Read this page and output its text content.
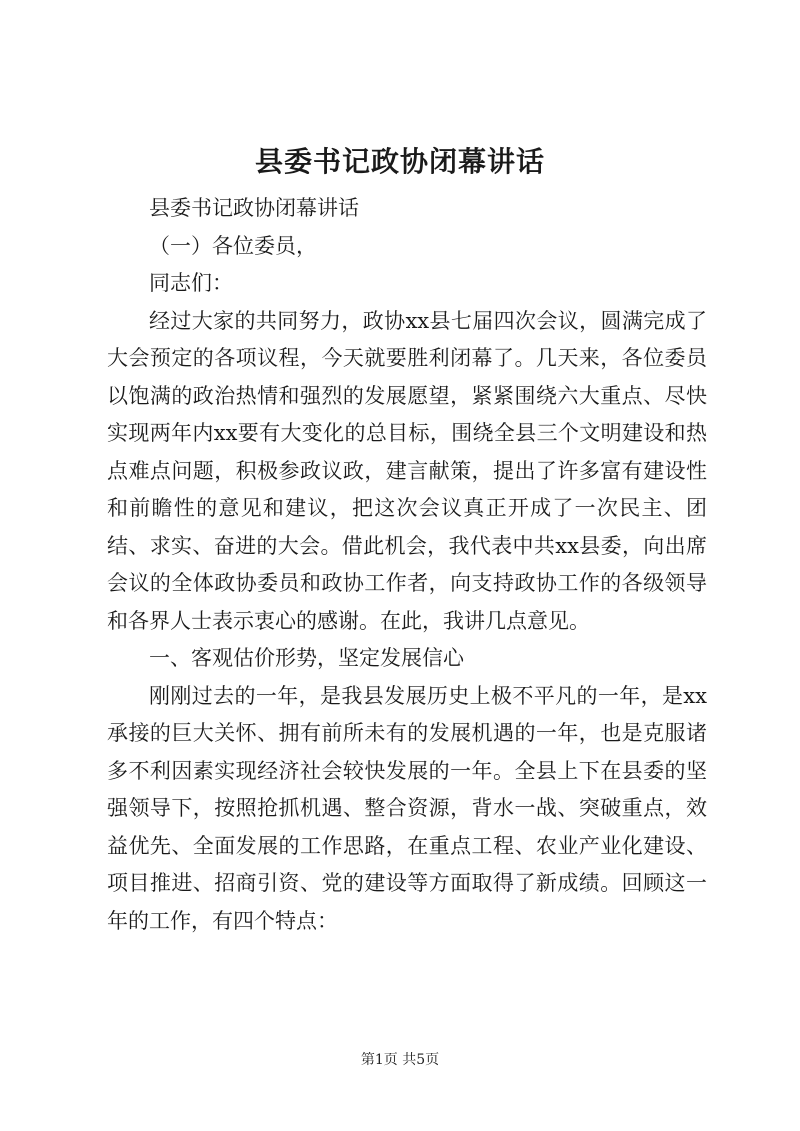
县委书记政协闭幕讲话

县委书记政协闭幕讲话

（一）各位委员，

同志们：

经过大家的共同努力，政协xx县七届四次会议，圆满完成了大会预定的各项议程，今天就要胜利闭幕了。几天来，各位委员以饱满的政治热情和强烈的发展愿望，紧紧围绕六大重点、尽快实现两年内xx要有大变化的总目标，围绕全县三个文明建设和热点难点问题，积极参政议政，建言献策，提出了许多富有建设性和前瞻性的意见和建议，把这次会议真正开成了一次民主、团结、求实、奋进的大会。借此机会，我代表中共xx县委，向出席会议的全体政协委员和政协工作者，向支持政协工作的各级领导和各界人士表示衷心的感谢。在此，我讲几点意见。

一、客观估价形势，坚定发展信心

刚刚过去的一年，是我县发展历史上极不平凡的一年，是xx承接的巨大关怀、拥有前所未有的发展机遇的一年，也是克服诸多不利因素实现经济社会较快发展的一年。全县上下在县委的坚强领导下，按照抢抓机遇、整合资源，背水一战、突破重点，效益优先、全面发展的工作思路，在重点工程、农业产业化建设、项目推进、招商引资、党的建设等方面取得了新成绩。回顾这一年的工作，有四个特点：

第1页 共5页
